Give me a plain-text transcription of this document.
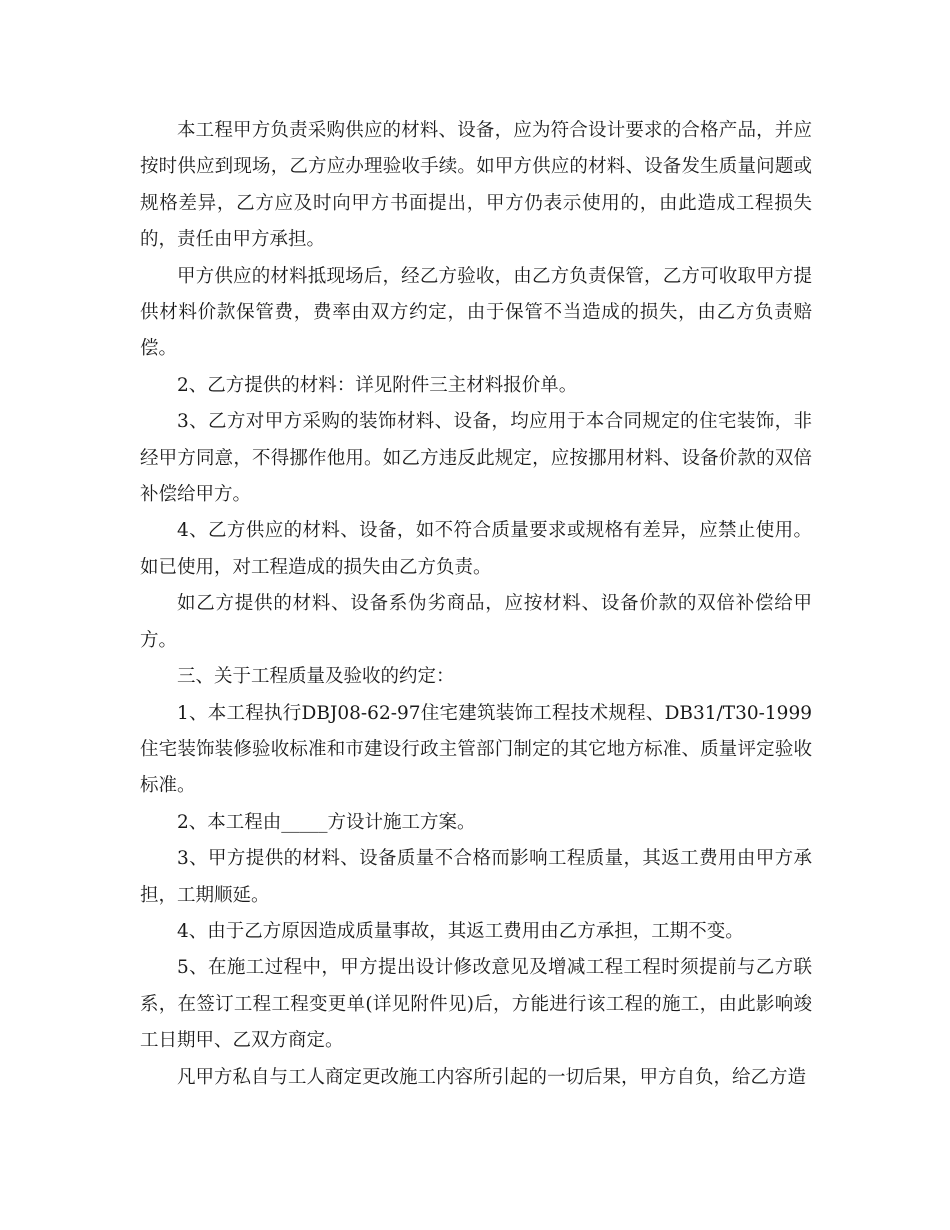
本工程甲方负责采购供应的材料、设备，应为符合设计要求的合格产品，并应按时供应到现场，乙方应办理验收手续。如甲方供应的材料、设备发生质量问题或规格差异，乙方应及时向甲方书面提出，甲方仍表示使用的，由此造成工程损失的，责任由甲方承担。

甲方供应的材料抵现场后，经乙方验收，由乙方负责保管，乙方可收取甲方提供材料价款保管费，费率由双方约定，由于保管不当造成的损失，由乙方负责赔偿。

2、乙方提供的材料：详见附件三主材料报价单。

3、乙方对甲方采购的装饰材料、设备，均应用于本合同规定的住宅装饰，非经甲方同意，不得挪作他用。如乙方违反此规定，应按挪用材料、设备价款的双倍补偿给甲方。

4、乙方供应的材料、设备，如不符合质量要求或规格有差异，应禁止使用。如已使用，对工程造成的损失由乙方负责。

如乙方提供的材料、设备系伪劣商品，应按材料、设备价款的双倍补偿给甲方。

三、关于工程质量及验收的约定：

1、本工程执行DBJ08-62-97住宅建筑装饰工程技术规程、DB31/T30-1999住宅装饰装修验收标准和市建设行政主管部门制定的其它地方标准、质量评定验收标准。

2、本工程由_____方设计施工方案。

3、甲方提供的材料、设备质量不合格而影响工程质量，其返工费用由甲方承担，工期顺延。

4、由于乙方原因造成质量事故，其返工费用由乙方承担，工期不变。

5、在施工过程中，甲方提出设计修改意见及增减工程工程时须提前与乙方联系，在签订工程工程变更单(详见附件见)后，方能进行该工程的施工，由此影响竣工日期甲、乙双方商定。

凡甲方私自与工人商定更改施工内容所引起的一切后果，甲方自负，给乙方造
